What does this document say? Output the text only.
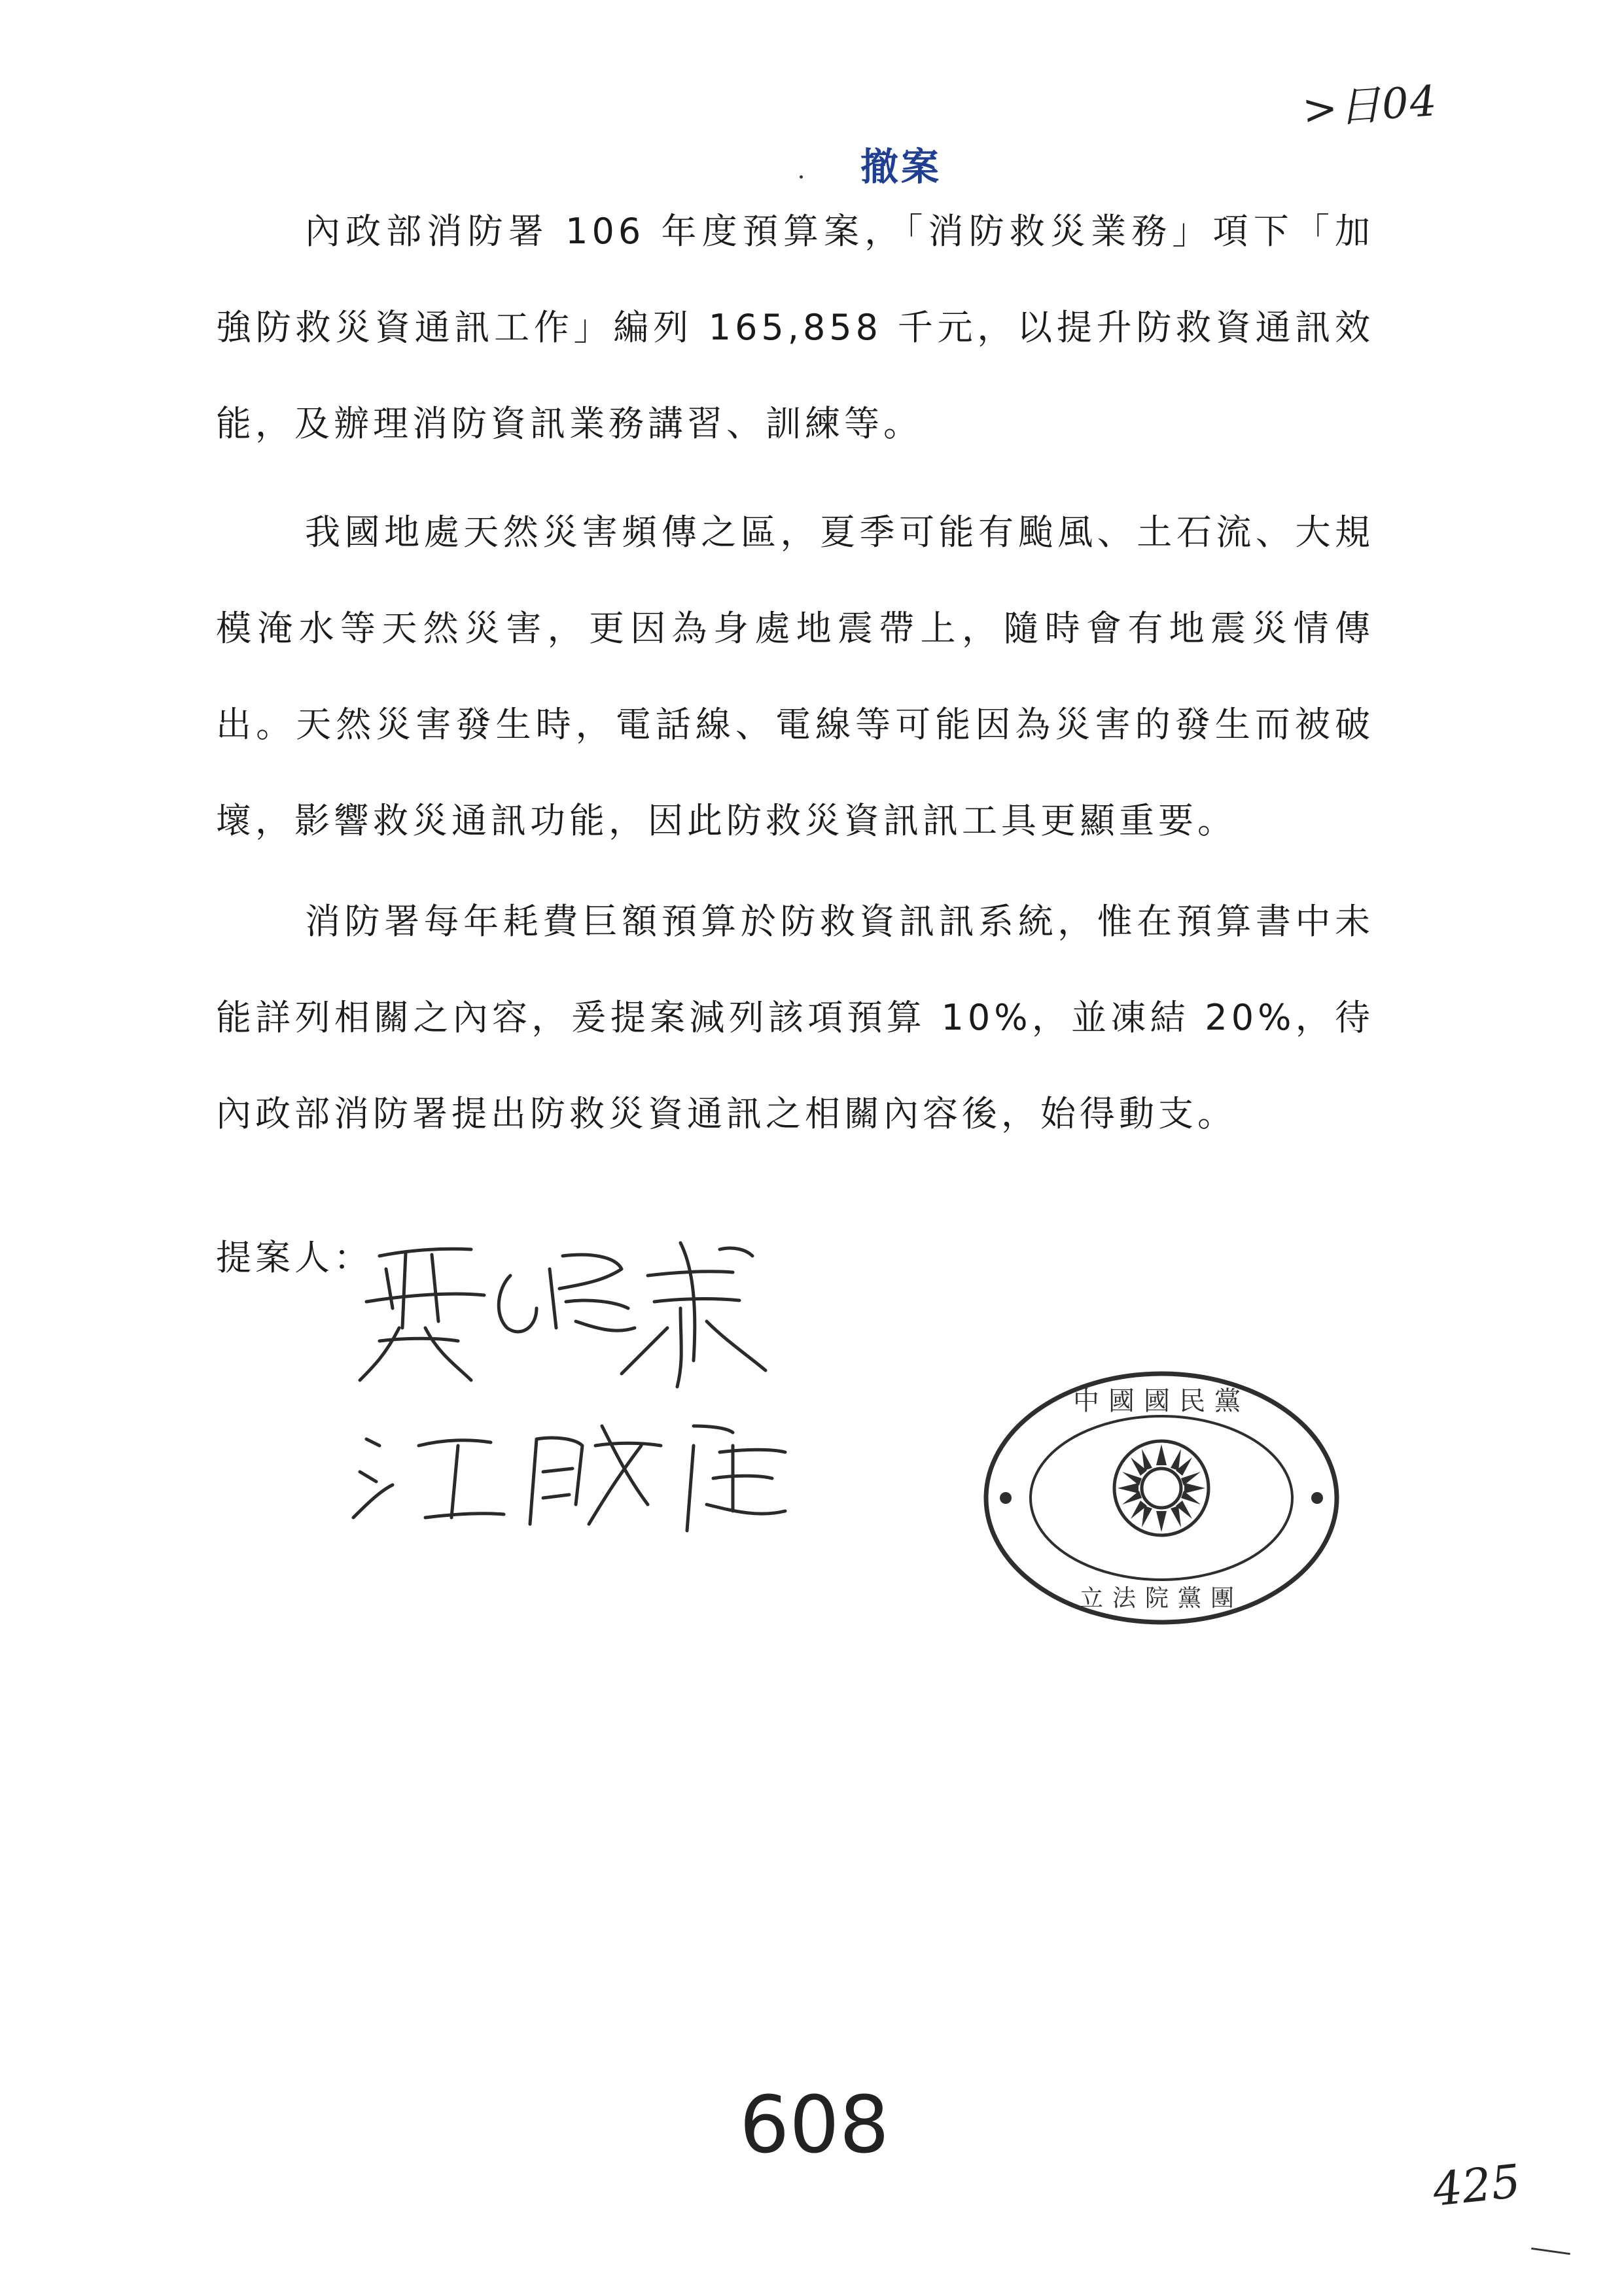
>日04
撤案

內政部消防署 106 年度預算案，「消防救災業務」項下「加強防救災資通訊工作」編列 165,858 千元，以提升防救資通訊效能，及辦理消防資訊業務講習、訓練等。

我國地處天然災害頻傳之區，夏季可能有颱風、土石流、大規模淹水等天然災害，更因為身處地震帶上，隨時會有地震災情傳出。天然災害發生時，電話線、電線等可能因為災害的發生而被破壞，影響救災通訊功能，因此防救災資訊訊工具更顯重要。

消防署每年耗費巨額預算於防救資訊訊系統，惟在預算書中未能詳列相關之內容，爰提案減列該項預算 10%，並凍結 20%，待內政部消防署提出防救災資通訊之相關內容後，始得動支。

提案人：
中國國民黨
立法院黨團
608
425
